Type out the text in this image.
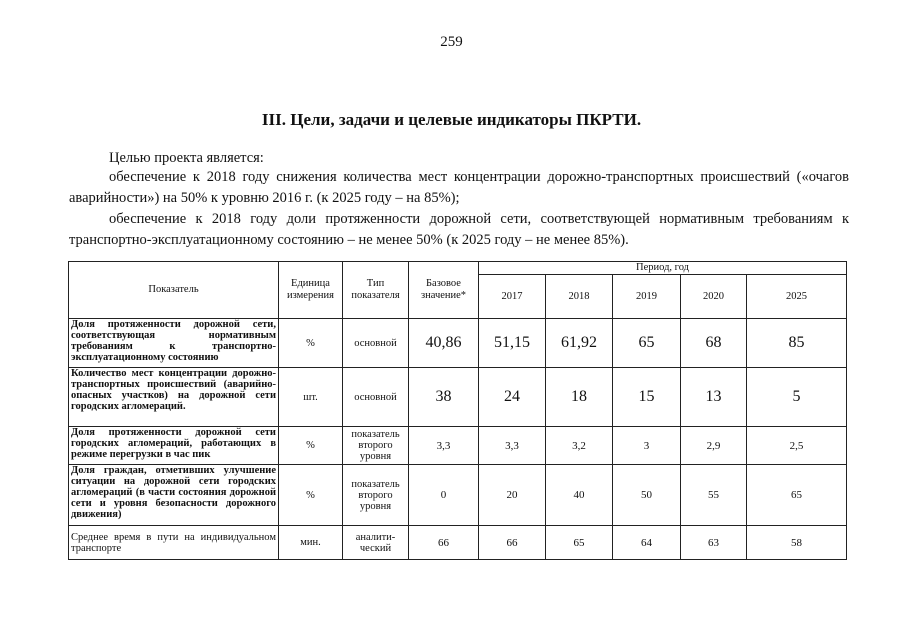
259
III. Цели, задачи и целевые индикаторы ПКРТИ.
Целью проекта является:
обеспечение к 2018 году снижения количества мест концентрации дорожно-транспортных происшествий («очагов аварийности») на 50% к уровню 2016 г. (к 2025 году – на 85%);
обеспечение к 2018 году доли протяженности дорожной сети, соответствующей нормативным требованиям к транспортно-эксплуатационному состоянию – не менее 50% (к 2025 году – не менее 85%).
Показатель	Единица измерения	Тип показателя	Базовое значение*	Период, год				
				2017	2018	2019	2020	2025
Доля протяженности дорожной сети, соответствующая нормативным требованиям к транспортно-эксплуатационному состоянию	%	основной	40,86	51,15	61,92	65	68	85
Количество мест концентрации дорожно-транспортных происшествий (аварийно-опасных участков) на дорожной сети городских агломераций.	шт.	основной	38	24	18	15	13	5
Доля протяженности дорожной сети городских агломераций, работающих в режиме перегрузки в час пик	%	показатель второго уровня	3,3	3,3	3,2	3	2,9	2,5
Доля граждан, отметивших улучшение ситуации на дорожной сети городских агломераций (в части состояния дорожной сети и уровня безопасности дорожного движения)	%	показатель второго уровня	0	20	40	50	55	65
Среднее время в пути на индивидуальном транспорте	мин.	аналити-ческий	66	66	65	64	63	58
